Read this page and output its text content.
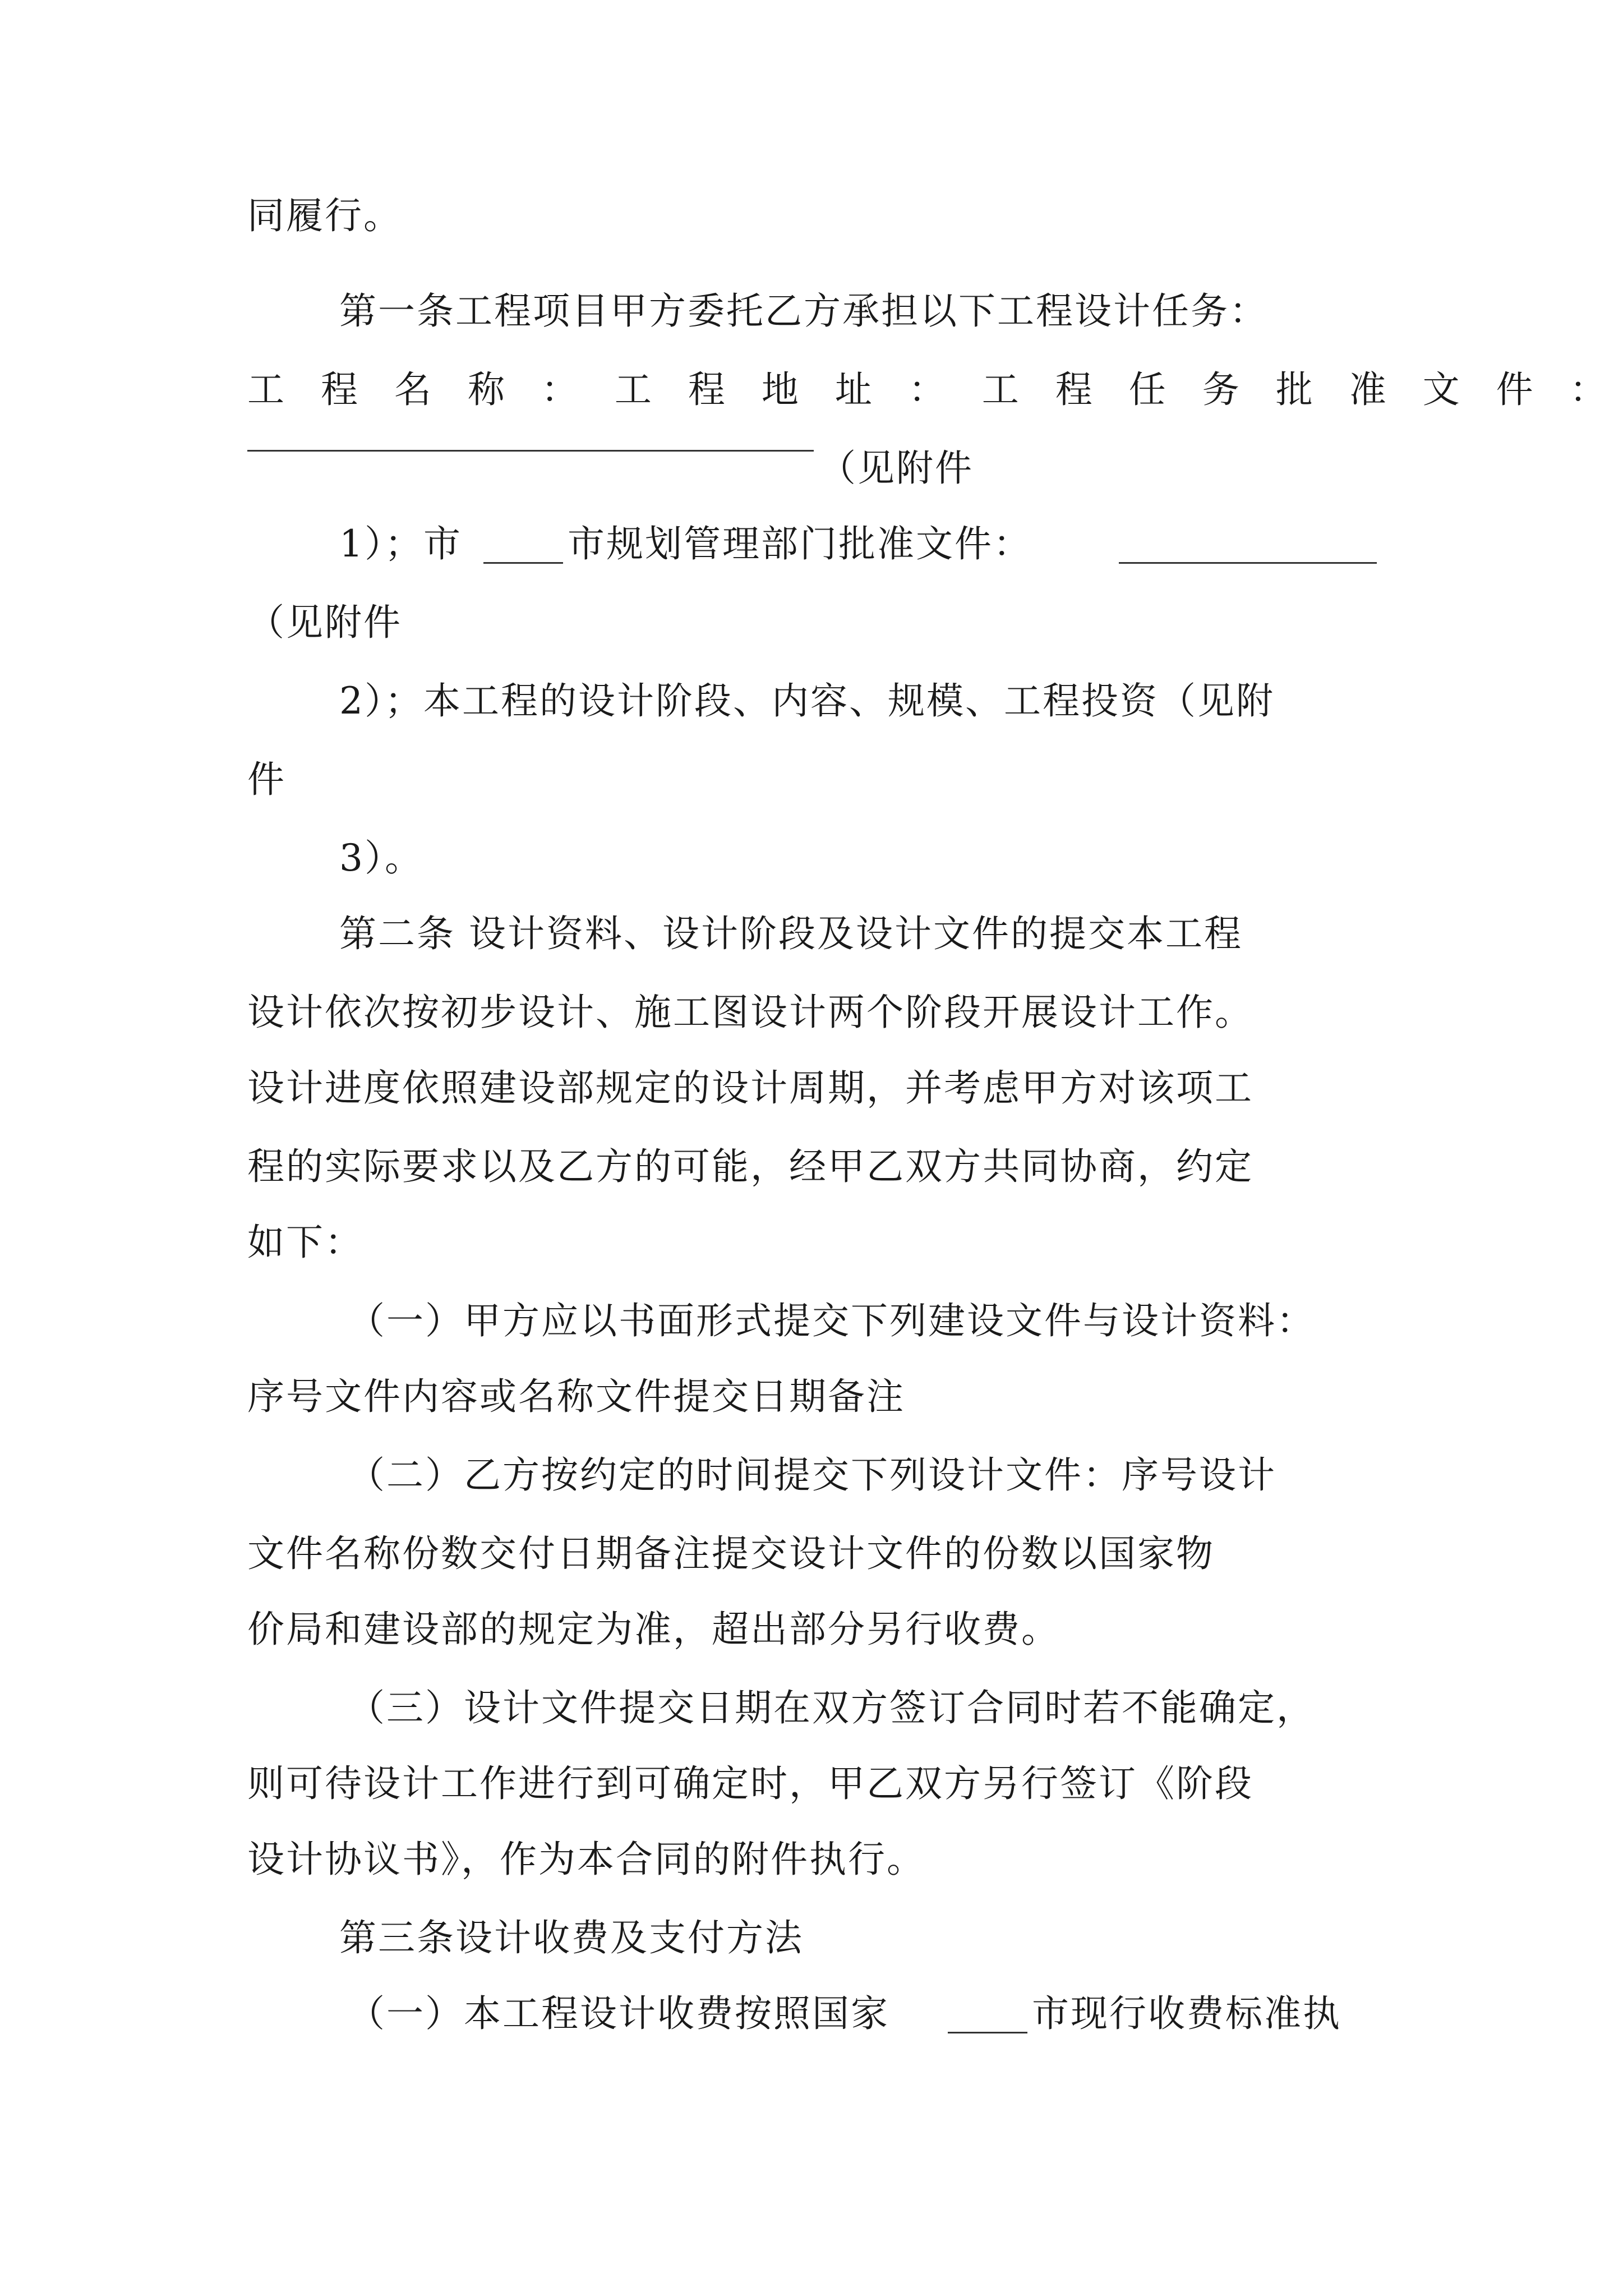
同履行。

第一条工程项目甲方委托乙方承担以下工程设计任务：

工 程 名 称 ： 工 程 地 址 ： 工 程 任 务 批 准 文 件 ：

（见附件

1）；市	市规划管理部门批准文件：

（见附件

2）；本工程的设计阶段、内容、规模、工程投资（见附

件

3）。

第二条 设计资料、设计阶段及设计文件的提交本工程

设计依次按初步设计、施工图设计两个阶段开展设计工作。

设计进度依照建设部规定的设计周期，并考虑甲方对该项工

程的实际要求以及乙方的可能，经甲乙双方共同协商，约定

如下：

（一）甲方应以书面形式提交下列建设文件与设计资料：

序号文件内容或名称文件提交日期备注

（二）乙方按约定的时间提交下列设计文件：序号设计

文件名称份数交付日期备注提交设计文件的份数以国家物

价局和建设部的规定为准，超出部分另行收费。

（三）设计文件提交日期在双方签订合同时若不能确定，

则可待设计工作进行到可确定时，甲乙双方另行签订《阶段

设计协议书》，作为本合同的附件执行。

第三条设计收费及支付方法

（一）本工程设计收费按照国家	市现行收费标准执
